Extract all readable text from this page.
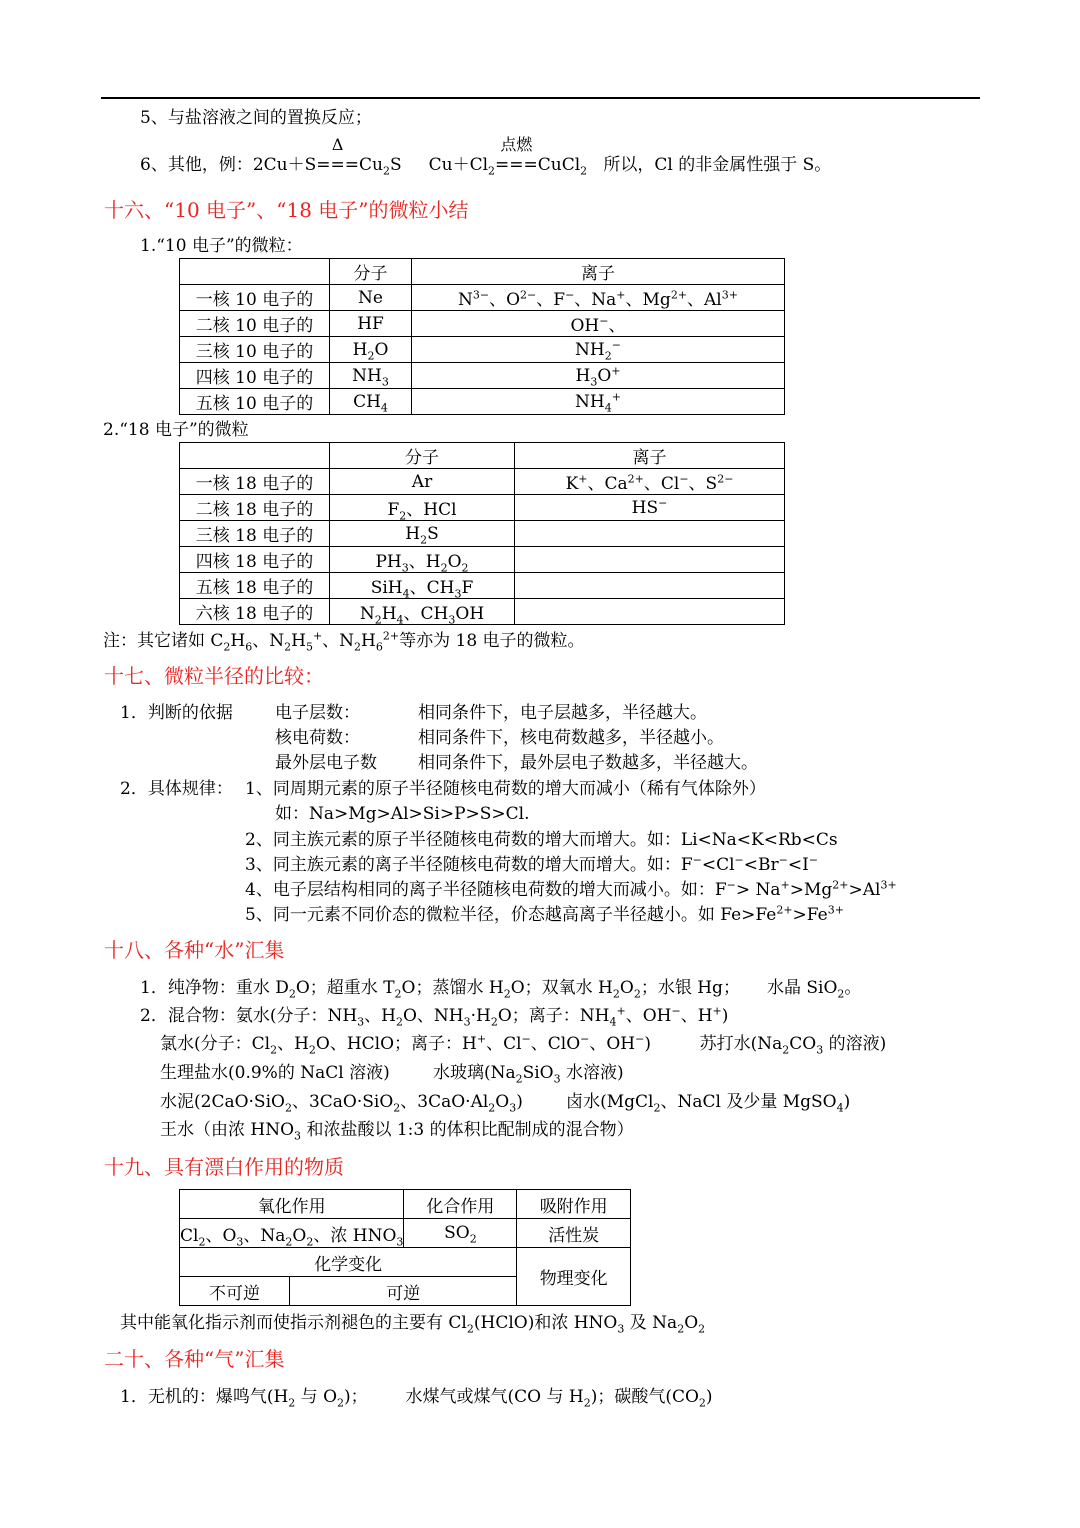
5、与盐溶液之间的置换反应；
6、其他，例：2Cu＋S
Δ
$===Cu_2S$     $Cu+Cl_2$
点燃
===CuCl$_2$ 所以，Cl 的非金属性强于 S。
十六、“10 电子”、“18 电子”的微粒小结
1.“10 电子”的微粒：
	分子	离子
一核 10 电子的	Ne	$N^{3-}$、$O^{2-}$、F−、Na+、$Mg^{2+}$、$Al^{3+}$
二核 10 电子的	HF	OH−、
三核 10 电子的	$H_2O$	$NH_2^-$
四核 10 电子的	$NH_3$	$H_3O^+$
五核 10 电子的	$CH_4$	$NH_4^+$
2.“18 电子”的微粒
	分子	离子
一核 18 电子的	Ar	K+、$Ca^{2+}$、Cl−、$S^{2-}$
二核 18 电子的	$F_2$、HCl	HS−
三核 18 电子的	$H_2S$	
四核 18 电子的	$PH_3$、$H_2O_2$	
五核 18 电子的	SiH$_4$、$CH_3F$	
六核 18 电子的	$N_2H_4$、$CH_3OH$	
注：其它诸如 $C_2H_6$、$N_2H_5^+$、$N_2H_6^{2+}$等亦为 18 电子的微粒。
十七、微粒半径的比较：
1．判断的依据 电子层数：	相同条件下，电子层越多，半径越大。
核电荷数：	相同条件下，核电荷数越多，半径越小。
最外层电子数 相同条件下，最外层电子数越多，半径越大。
2．具体规律： 1、同周期元素的原子半径随核电荷数的增大而减小（稀有气体除外）
如：Na>Mg>Al>Si>P>S>Cl.
2、同主族元素的原子半径随核电荷数的增大而增大。如：Li<Na<K<Rb<Cs
3、同主族元素的离子半径随核电荷数的增大而增大。如：F−<Cl−<Br−<I−
4、电子层结构相同的离子半径随核电荷数的增大而减小。如：$F^-> Na^+>Mg^{2+}>Al^{3+}$
5、同一元素不同价态的微粒半径，价态越高离子半径越小。如 $Fe>Fe^{2+}>Fe^{3+}$
十八、各种“水”汇集
1．纯净物：重水 $D_2O$；超重水 $T_2O$；蒸馏水 $H_2O$；双氧水 $H_2O_2$；水银 Hg；     水晶 SiO$_2$。
2．混合物：氨水(分子：$NH_3$、$H_2O$、$NH_3\cdot H_2O$；离子：$NH_4^+$、OH−、H+)
氯水(分子：$Cl_2$、$H_2O$、HClO；离子：H+、Cl−、ClO−、OH−)         苏打水($Na_2CO_3$ 的溶液)
生理盐水(0.9%的 NaCl 溶液)        水玻璃($Na_2SiO_3$ 水溶液)
水泥(2CaO·SiO$_2$、3CaO·SiO$_2$、$3CaO\cdot Al_2O_3$)        卤水(MgCl$_2$、NaCl 及少量 MgSO$_4$)
王水（由浓 $HNO_3$ 和浓盐酸以 1:3 的体积比配制成的混合物）
十九、具有漂白作用的物质
氧化作用		化合作用	吸附作用
$Cl_2$、$O_3$、$Na_2O_2$、浓 $HNO_3$		$SO_2$	活性炭
化学变化			物理变化
不可逆	可逆		
其中能氧化指示剂而使指示剂褪色的主要有 $Cl_2(HClO)$和浓 $HNO_3$ 及 $Na_2O_2$
二十、各种“气”汇集
1．无机的：爆鸣气($H_2$ 与 $O_2$)；       水煤气或煤气(CO 与 $H_2$)；碳酸气$(CO_2)$
